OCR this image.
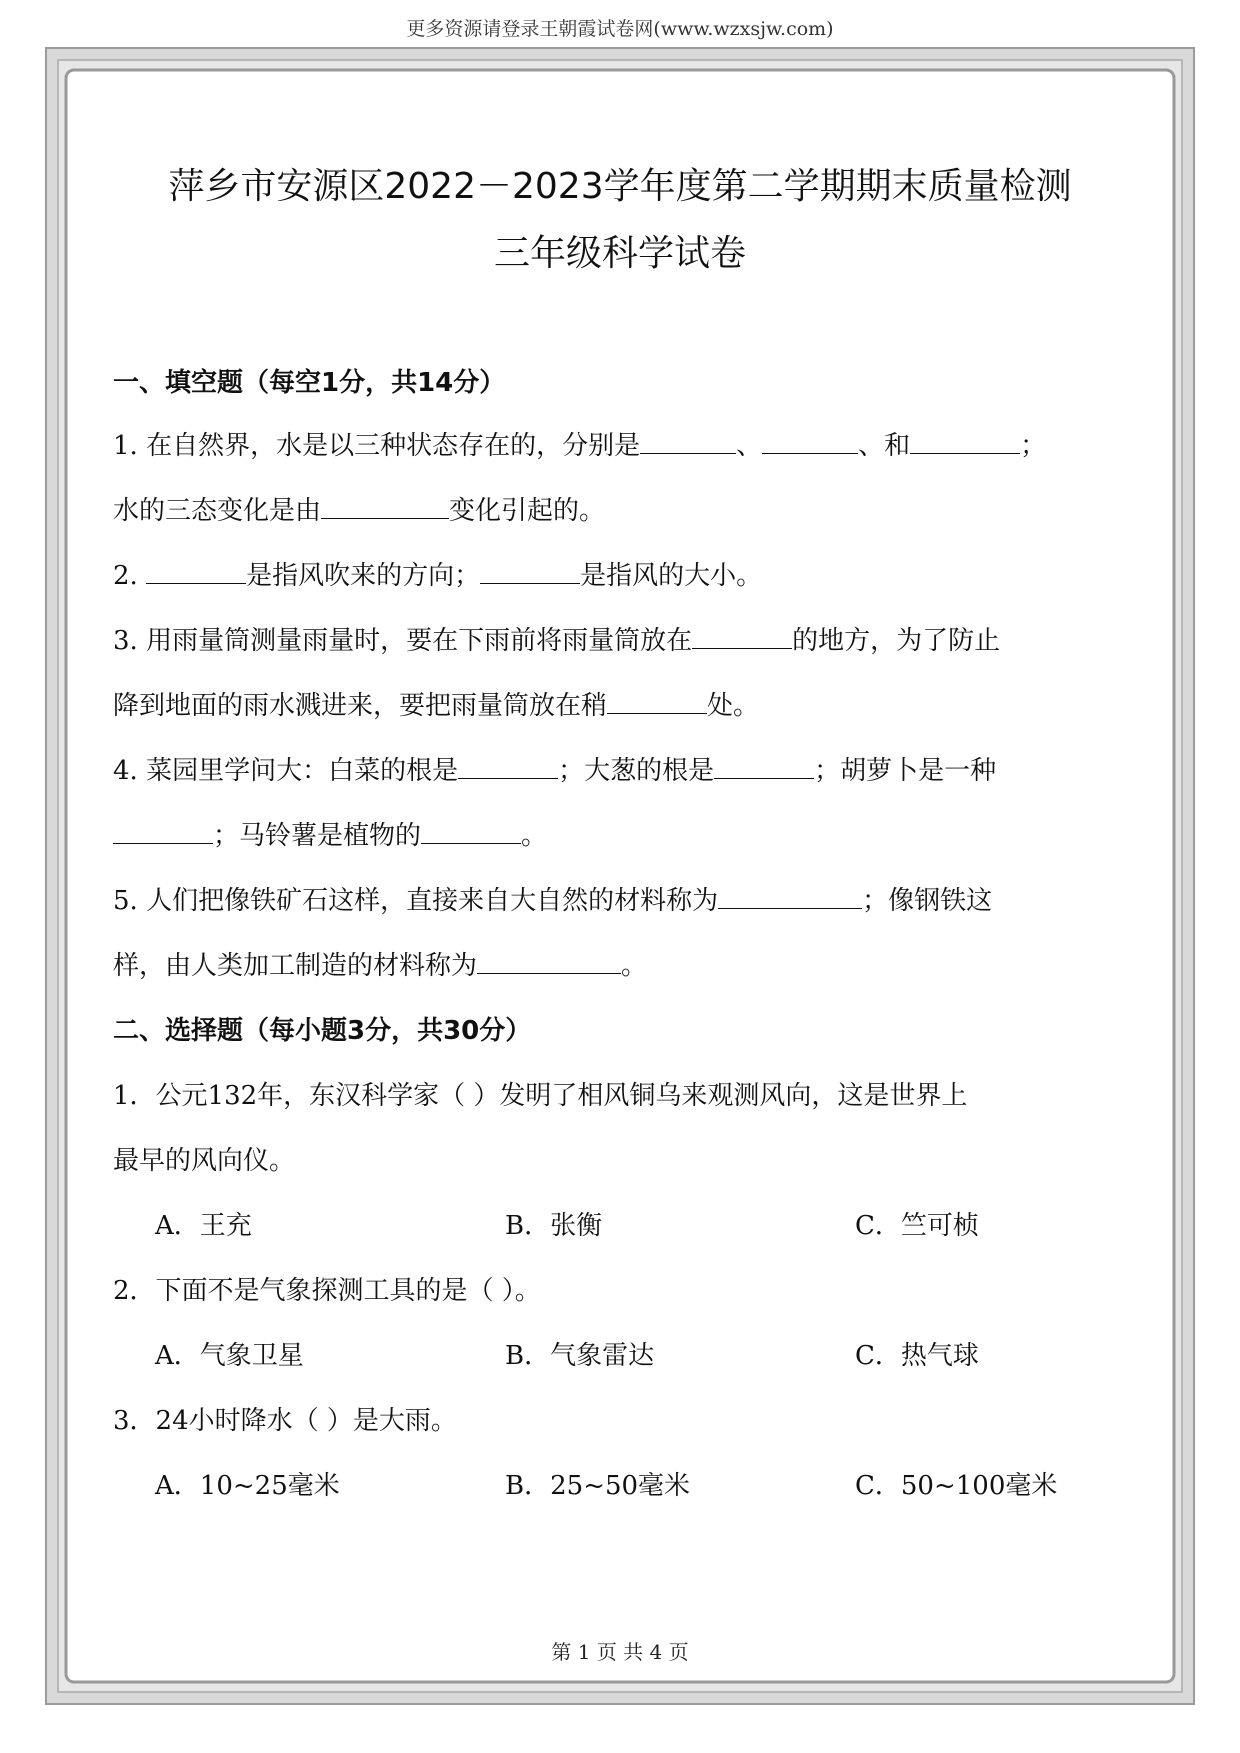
更多资源请登录王朝霞试卷网(www.wzxsjw.com)
萍乡市安源区2022－2023学年度第二学期期末质量检测
三年级科学试卷
一、填空题（每空1分，共14分）
1. 在自然界，水是以三种状态存在的，分别是	、	、和	；
水的三态变化是由	变化引起的。
2.	是指风吹来的方向；	是指风的大小。
3. 用雨量筒测量雨量时，要在下雨前将雨量筒放在	的地方，为了防止
降到地面的雨水溅进来，要把雨量筒放在稍	处。
4. 菜园里学问大：白菜的根是	；大葱的根是	；胡萝卜是一种
；马铃薯是植物的	。
5. 人们把像铁矿石这样，直接来自大自然的材料称为	；像钢铁这
样，由人类加工制造的材料称为	。
二、选择题（每小题3分，共30分）
1．公元132年，东汉科学家（ ）发明了相风铜乌来观测风向，这是世界上
最早的风向仪。
A．王充	B．张衡	C．竺可桢
2．下面不是气象探测工具的是（ ）。
A．气象卫星	B．气象雷达	C．热气球
3．24小时降水（ ）是大雨。
A．10~25毫米	B．25~50毫米	C．50~100毫米
第 1 页 共 4 页
